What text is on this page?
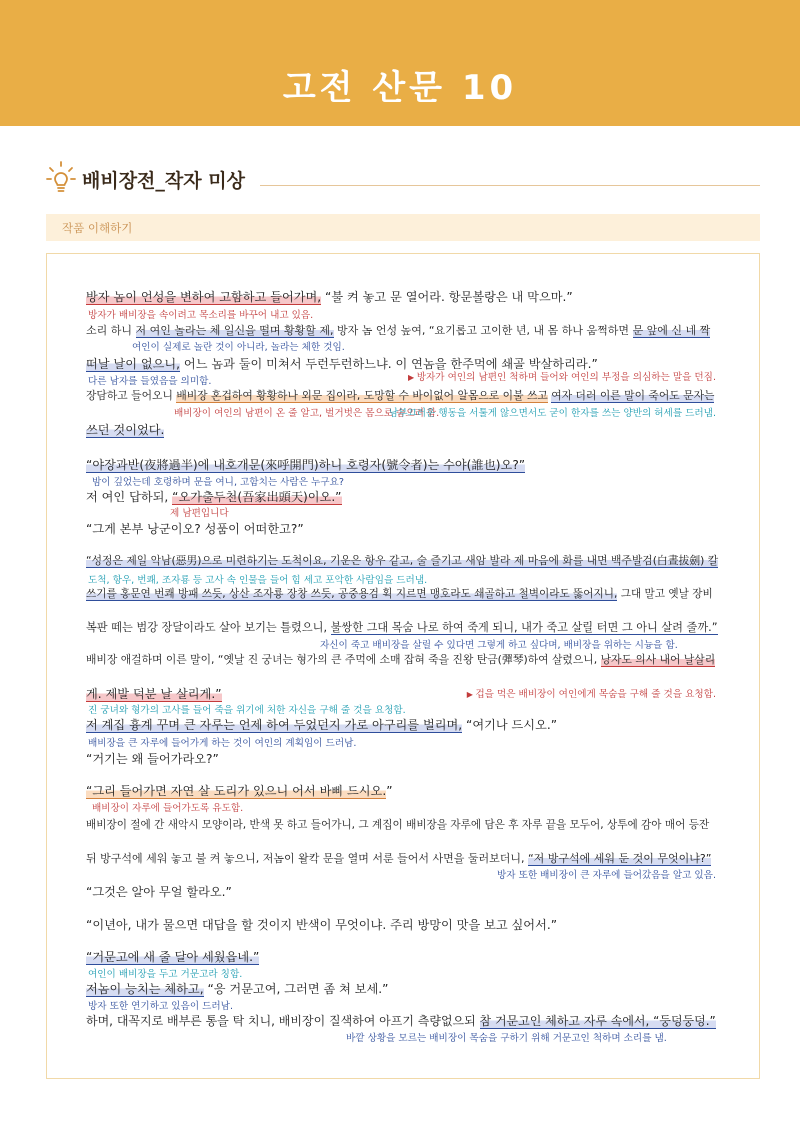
고전 산문 10
배비장전_작자 미상
작품 이해하기
방자 놈이 언성을 변하여 고함하고 들어가며, “불 켜 놓고 문 열어라. 항문볼랑은 내 막으마.”
방자가 배비장을 속이려고 목소리를 바꾸어 내고 있음.
소리 하니 저 여인 놀라는 체 일신을 떨며 황황할 제, 방자 놈 언성 높여, “요기롭고 고이한 년, 내 몸 하나 움쩍하면 문 앞에 신 네 짝
여인이 실제로 놀란 것이 아니라, 놀라는 체한 것임.
떠날 날이 없으니, 어느 놈과 둘이 미쳐서 두런두런하느냐. 이 연놈을 한주먹에 쇄골 박살하리라.”
다른 남자를 들였음을 의미함.	▶ 방자가 여인의 남편인 척하며 들어와 여인의 부정을 의심하는 말을 던짐.
장담하고 들어오니 배비장 혼겁하여 황황하나 외문 집이라, 도망할 수 바이없어 알몸으로 이불 쓰고 여자 더러 이른 말이 죽어도 문자는
배비장이 여인의 남편이 온 줄 알고, 벌거벗은 몸으로 숨으려 함.
남부끄러운 행동을 서툴게 않으면서도 굳이 한자를 쓰는 양반의 허세를 드러냄.
쓰던 것이었다.
“야장과반(夜將過半)에 내호개문(來呼開門)하니 호령자(號令者)는 수야(誰也)오?”
밤이 깊었는데 호령하며 문을 여니, 고함치는 사람은 누구요?
저 여인 답하되, “오가출두천(吾家出頭天)이오.”
제 남편입니다
“그게 본부 낭군이오? 성품이 어떠한고?”
“성정은 제일 악남(惡男)으로 미련하기는 도척이요, 기운은 항우 같고, 술 즐기고 새암 발라 제 마음에 화를 내면 백주발검(白晝拔劍) 칼
도척, 항우, 번쾌, 조자룡 등 고사 속 인물을 들어 힘 세고 포악한 사람임을 드러냄.
쓰기를 홍문연 번쾌 방패 쓰듯, 상산 조자룡 장창 쓰듯, 공중용검 획 지르면 맹호라도 쇄골하고 철벽이라도 뚫어지니, 그대 말고 옛날 장비
복판 떼는 범강 장달이라도 살아 보기는 틀렸으니, 불쌍한 그대 목숨 나로 하여 죽게 되니, 내가 죽고 살릴 터면 그 아니 살려 줄까.”
자신이 죽고 배비장을 살릴 수 있다면 그렇게 하고 싶다며, 배비장을 위하는 시늉을 함.
배비장 애걸하며 이른 말이, “옛날 진 궁녀는 형가의 큰 주먹에 소매 잡혀 죽을 진왕 탄금(彈琴)하여 살렸으니, 낭자도 의사 내어 날살리
게. 제발 덕분 날 살리게.”
진 궁녀와 형가의 고사를 들어 죽을 위기에 처한 자신을 구해 줄 것을 요청함.
▶ 겁을 먹은 배비장이 여인에게 목숨을 구해 줄 것을 요청함.
저 계집 흉계 꾸며 큰 자루는 언제 하여 두었던지 가로 아구리를 벌리며, “여기나 드시오.”
배비장을 큰 자루에 들어가게 하는 것이 여인의 계획임이 드러남.
“거기는 왜 들어가라오?”
“그리 들어가면 자연 살 도리가 있으니 어서 바삐 드시오.”
배비장이 자루에 들어가도록 유도함.
배비장이 절에 간 새악시 모양이라, 반색 못 하고 들어가니, 그 계집이 배비장을 자루에 담은 후 자루 끝을 모두어, 상투에 감아 매어 등잔
뒤 방구석에 세워 놓고 불 켜 놓으니, 저놈이 왈칵 문을 열며 서룬 들어서 사면을 둘러보더니, “저 방구석에 세워 둔 것이 무엇이냐?”
방자 또한 배비장이 큰 자루에 들어갔음을 알고 있음.
“그것은 알아 무얼 할라오.”
“이년아, 내가 물으면 대답을 할 것이지 반색이 무엇이냐. 주리 방망이 맛을 보고 싶어서.”
“거문고에 새 줄 달아 세웠읍네.”
여인이 배비장을 두고 거문고라 칭함.
저놈이 능치는 체하고, “응 거문고여, 그러면 좀 쳐 보세.”
방자 또한 연기하고 있음이 드러남.
하며, 대꼭지로 배부른 통을 탁 치니, 배비장이 질색하여 아프기 측량없으되 참 거문고인 체하고 자루 속에서, “둥덩둥덩.”
바깥 상황을 모르는 배비장이 목숨을 구하기 위해 거문고인 척하며 소리를 냄.
